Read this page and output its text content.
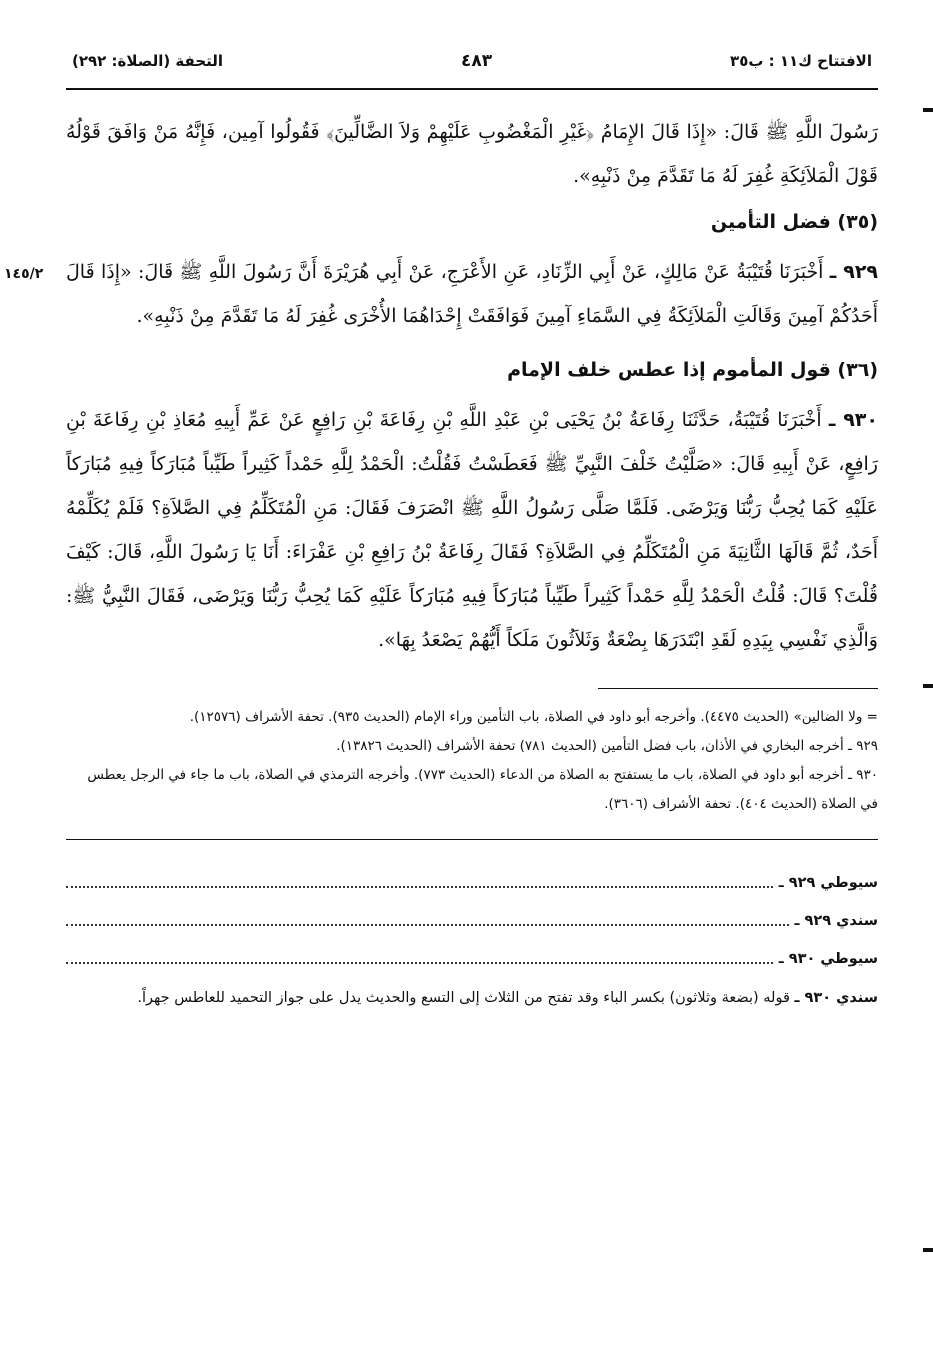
الافتتاح ك١١ : ب٣٥
٤٨٣
التحفة (الصلاة: ٢٩٢)

رَسُولَ اللَّهِ ﷺ قَالَ: «إِذَا قَالَ الإِمَامُ ﴿غَيْرِ الْمَغْضُوبِ عَلَيْهِمْ وَلاَ الضَّالِّينَ﴾ فَقُولُوا آمِين، فَإِنَّهُ مَنْ وَافَقَ قَوْلُهُ قَوْلَ الْمَلاَئِكَةِ غُفِرَ لَهُ مَا تَقَدَّمَ مِنْ ذَنْبِهِ».

(٣٥) فضل التأمين

١٤٥/٢	٩٢٩ ـ أَخْبَرَنَا قُتَيْبَةُ عَنْ مَالِكٍ، عَنْ أَبِي الزِّنَادِ، عَنِ الأَعْرَجِ، عَنْ أَبِي هُرَيْرَةَ أَنَّ رَسُولَ اللَّهِ ﷺ قَالَ: «إِذَا قَالَ أَحَدُكُمْ آمِينَ وَقَالَتِ الْمَلاَئِكَةُ فِي السَّمَاءِ آمِينَ فَوَافَقَتْ إِحْدَاهُمَا الأُخْرَى غُفِرَ لَهُ مَا تَقَدَّمَ مِنْ ذَنْبِهِ».

(٣٦) قول المأموم إذا عطس خلف الإمام

٩٣٠ ـ أَخْبَرَنَا قُتَيْبَةُ، حَدَّثَنَا رِفَاعَةُ بْنُ يَحْيَى بْنِ عَبْدِ اللَّهِ بْنِ رِفَاعَةَ بْنِ رَافِعٍ عَنْ عَمِّ أَبِيهِ مُعَاذِ بْنِ رِفَاعَةَ بْنِ رَافِعٍ، عَنْ أَبِيهِ قَالَ: «صَلَّيْتُ خَلْفَ النَّبِيِّ ﷺ فَعَطَسْتُ فَقُلْتُ: الْحَمْدُ لِلَّهِ حَمْداً كَثِيراً طَيِّباً مُبَارَكاً فِيهِ مُبَارَكاً عَلَيْهِ كَمَا يُحِبُّ رَبُّنَا وَيَرْضَى. فَلَمَّا صَلَّى رَسُولُ اللَّهِ ﷺ انْصَرَفَ فَقَالَ: مَنِ الْمُتَكَلِّمُ فِي الصَّلاَةِ؟ فَلَمْ يُكَلِّمْهُ أَحَدٌ، ثُمَّ قَالَهَا الثَّانِيَةَ مَنِ الْمُتَكَلِّمُ فِي الصَّلاَةِ؟ فَقَالَ رِفَاعَةُ بْنُ رَافِعِ بْنِ عَفْرَاءَ: أَنَا يَا رَسُولَ اللَّهِ، قَالَ: كَيْفَ قُلْتَ؟ قَالَ: قُلْتُ الْحَمْدُ لِلَّهِ حَمْداً كَثِيراً طَيِّباً مُبَارَكاً فِيهِ مُبَارَكاً عَلَيْهِ كَمَا يُحِبُّ رَبُّنَا وَيَرْضَى، فَقَالَ النَّبِيُّ ﷺ: وَالَّذِي نَفْسِي بِيَدِهِ لَقَدِ ابْتَدَرَهَا بِضْعَةٌ وَثَلاَثُونَ مَلَكاً أَيُّهُمْ يَصْعَدُ بِهَا».

= ولا الضالين» (الحديث ٤٤٧٥). وأخرجه أبو داود في الصلاة، باب التأمين وراء الإمام (الحديث ٩٣٥). تحفة الأشراف (١٢٥٧٦).

٩٢٩ ـ أخرجه البخاري في الأذان، باب فضل التأمين (الحديث ٧٨١) تحفة الأشراف (الحديث ١٣٨٢٦).

٩٣٠ ـ أخرجه أبو داود في الصلاة، باب ما يستفتح به الصلاة من الدعاء (الحديث ٧٧٣). وأخرجه الترمذي في الصلاة، باب ما جاء في الرجل يعطس في الصلاة (الحديث ٤٠٤). تحفة الأشراف (٣٦٠٦).

سيوطي ٩٢٩ ـ
سندي ٩٢٩ ـ
سيوطي ٩٣٠ ـ
سندي ٩٣٠ ـ قوله (بضعة وثلاثون) بكسر الباء وقد تفتح من الثلاث إلى التسع والحديث يدل على جواز التحميد للعاطس جهراً.
